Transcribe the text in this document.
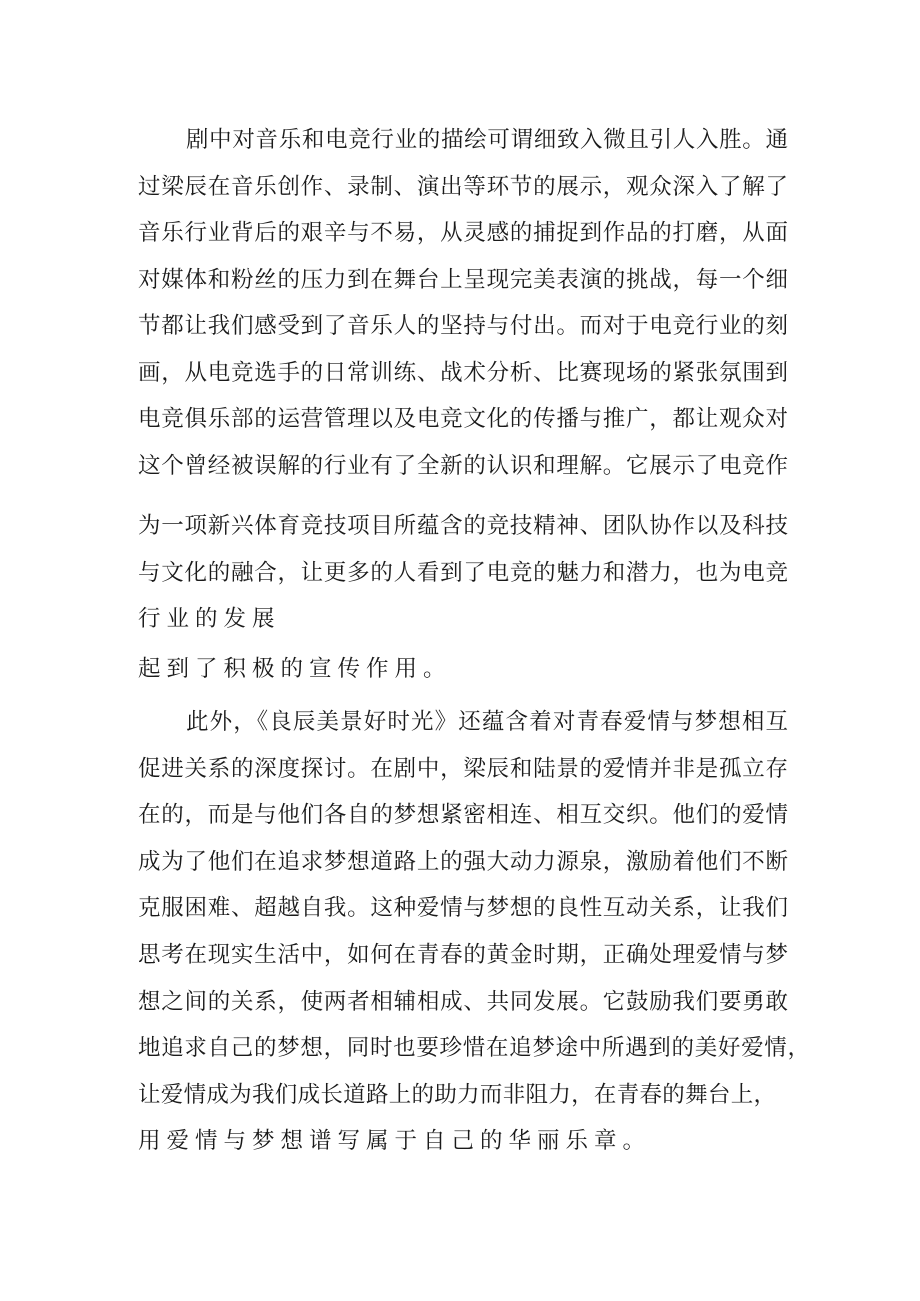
剧中对音乐和电竞行业的描绘可谓细致入微且引人入胜。通
过梁辰在音乐创作、录制、演出等环节的展示，观众深入了解了
音乐行业背后的艰辛与不易，从灵感的捕捉到作品的打磨，从面
对媒体和粉丝的压力到在舞台上呈现完美表演的挑战，每一个细
节都让我们感受到了音乐人的坚持与付出。而对于电竞行业的刻
画，从电竞选手的日常训练、战术分析、比赛现场的紧张氛围到
电竞俱乐部的运营管理以及电竞文化的传播与推广，都让观众对
这个曾经被误解的行业有了全新的认识和理解。它展示了电竞作
为一项新兴体育竞技项目所蕴含的竞技精神、团队协作以及科技
与文化的融合，让更多的人看到了电竞的魅力和潜力，也为电竞
行业的发展
起到了积极的宣传作用。
此外，《良辰美景好时光》还蕴含着对青春爱情与梦想相互
促进关系的深度探讨。在剧中，梁辰和陆景的爱情并非是孤立存
在的，而是与他们各自的梦想紧密相连、相互交织。他们的爱情
成为了他们在追求梦想道路上的强大动力源泉，激励着他们不断
克服困难、超越自我。这种爱情与梦想的良性互动关系，让我们
思考在现实生活中，如何在青春的黄金时期，正确处理爱情与梦
想之间的关系，使两者相辅相成、共同发展。它鼓励我们要勇敢
地追求自己的梦想，同时也要珍惜在追梦途中所遇到的美好爱情，
让爱情成为我们成长道路上的助力而非阻力，在青春的舞台上，
用爱情与梦想谱写属于自己的华丽乐章。
